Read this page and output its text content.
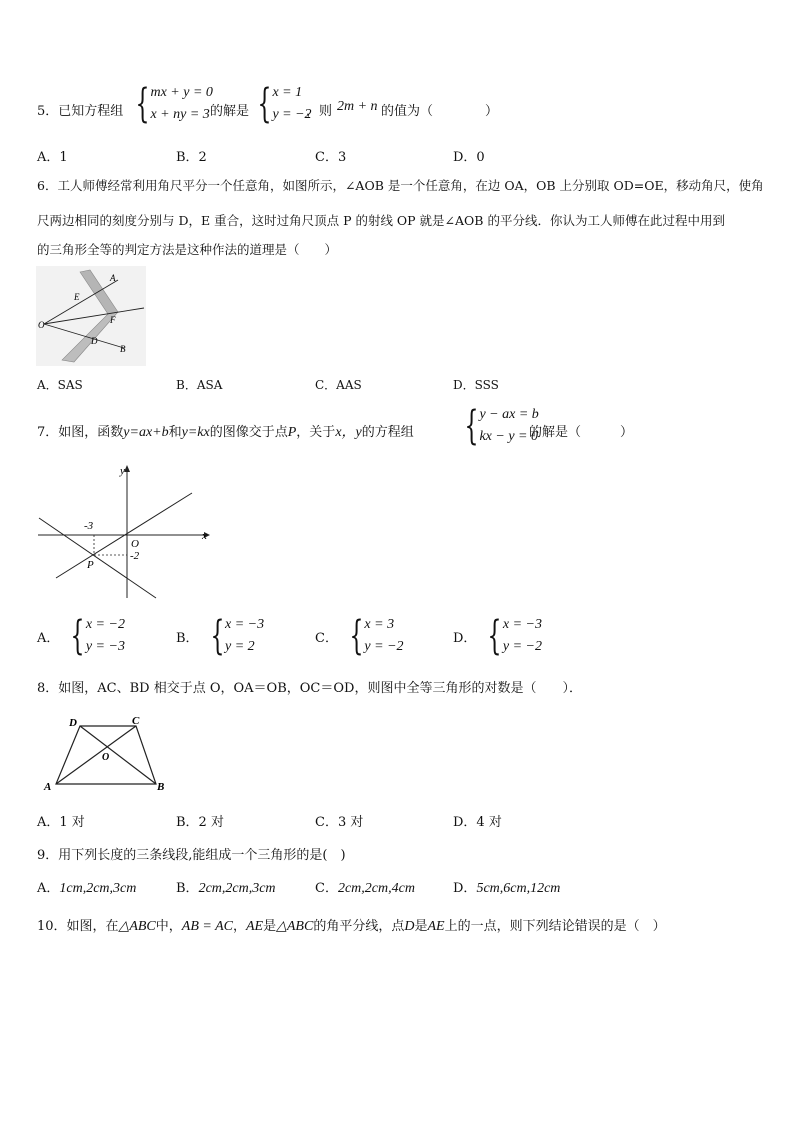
5．已知方程组 { mx + y = 0
x + ny = 3 的解是 { x = 1
y = −2
，则 2m + n 的值为（　　　　）
A．1	B．2	C．3	D．0
6．工人师傅经常利用角尺平分一个任意角，如图所示，∠AOB 是一个任意角，在边 OA，OB 上分别取 OD=OE，移动角尺，使角
尺两边相同的刻度分别与 D，E 重合，这时过角尺顶点 P 的射线 OP 就是∠AOB 的平分线．你认为工人师傅在此过程中用到
的三角形全等的判定方法是这种作法的道理是（　　）
A
E
F
O
D
B
A．SAS	B．ASA	C．AAS	D．SSS
7．如图，函数 y=ax+b 和 y=kx 的图像交于点 P ，关于 x，y 的方程组 { y − ax = b
kx − y = 0
的解是（　　　）
y
x
O
P
-3
-2
A． { x = −2
y = −3
B． { x = −3
y = 2
C． { x = 3
y = −2
D． { x = −3
y = −2
8．如图，AC、BD 相交于点 O，OA＝OB，OC＝OD，则图中全等三角形的对数是（　　）．
D	C
O
A	B
A．1 对	B．2 对	C．3 对	D．4 对
9．用下列长度的三条线段,能组成一个三角形的是(　)
A．1cm,2cm,3cm	B．2cm,2cm,3cm	C．2cm,2cm,4cm	D．5cm,6cm,12cm
10．如图，在 △ABC 中， AB = AC ， AE 是 △ABC 的角平分线，点 D 是 AE 上的一点，则下列结论错误的是（　）
